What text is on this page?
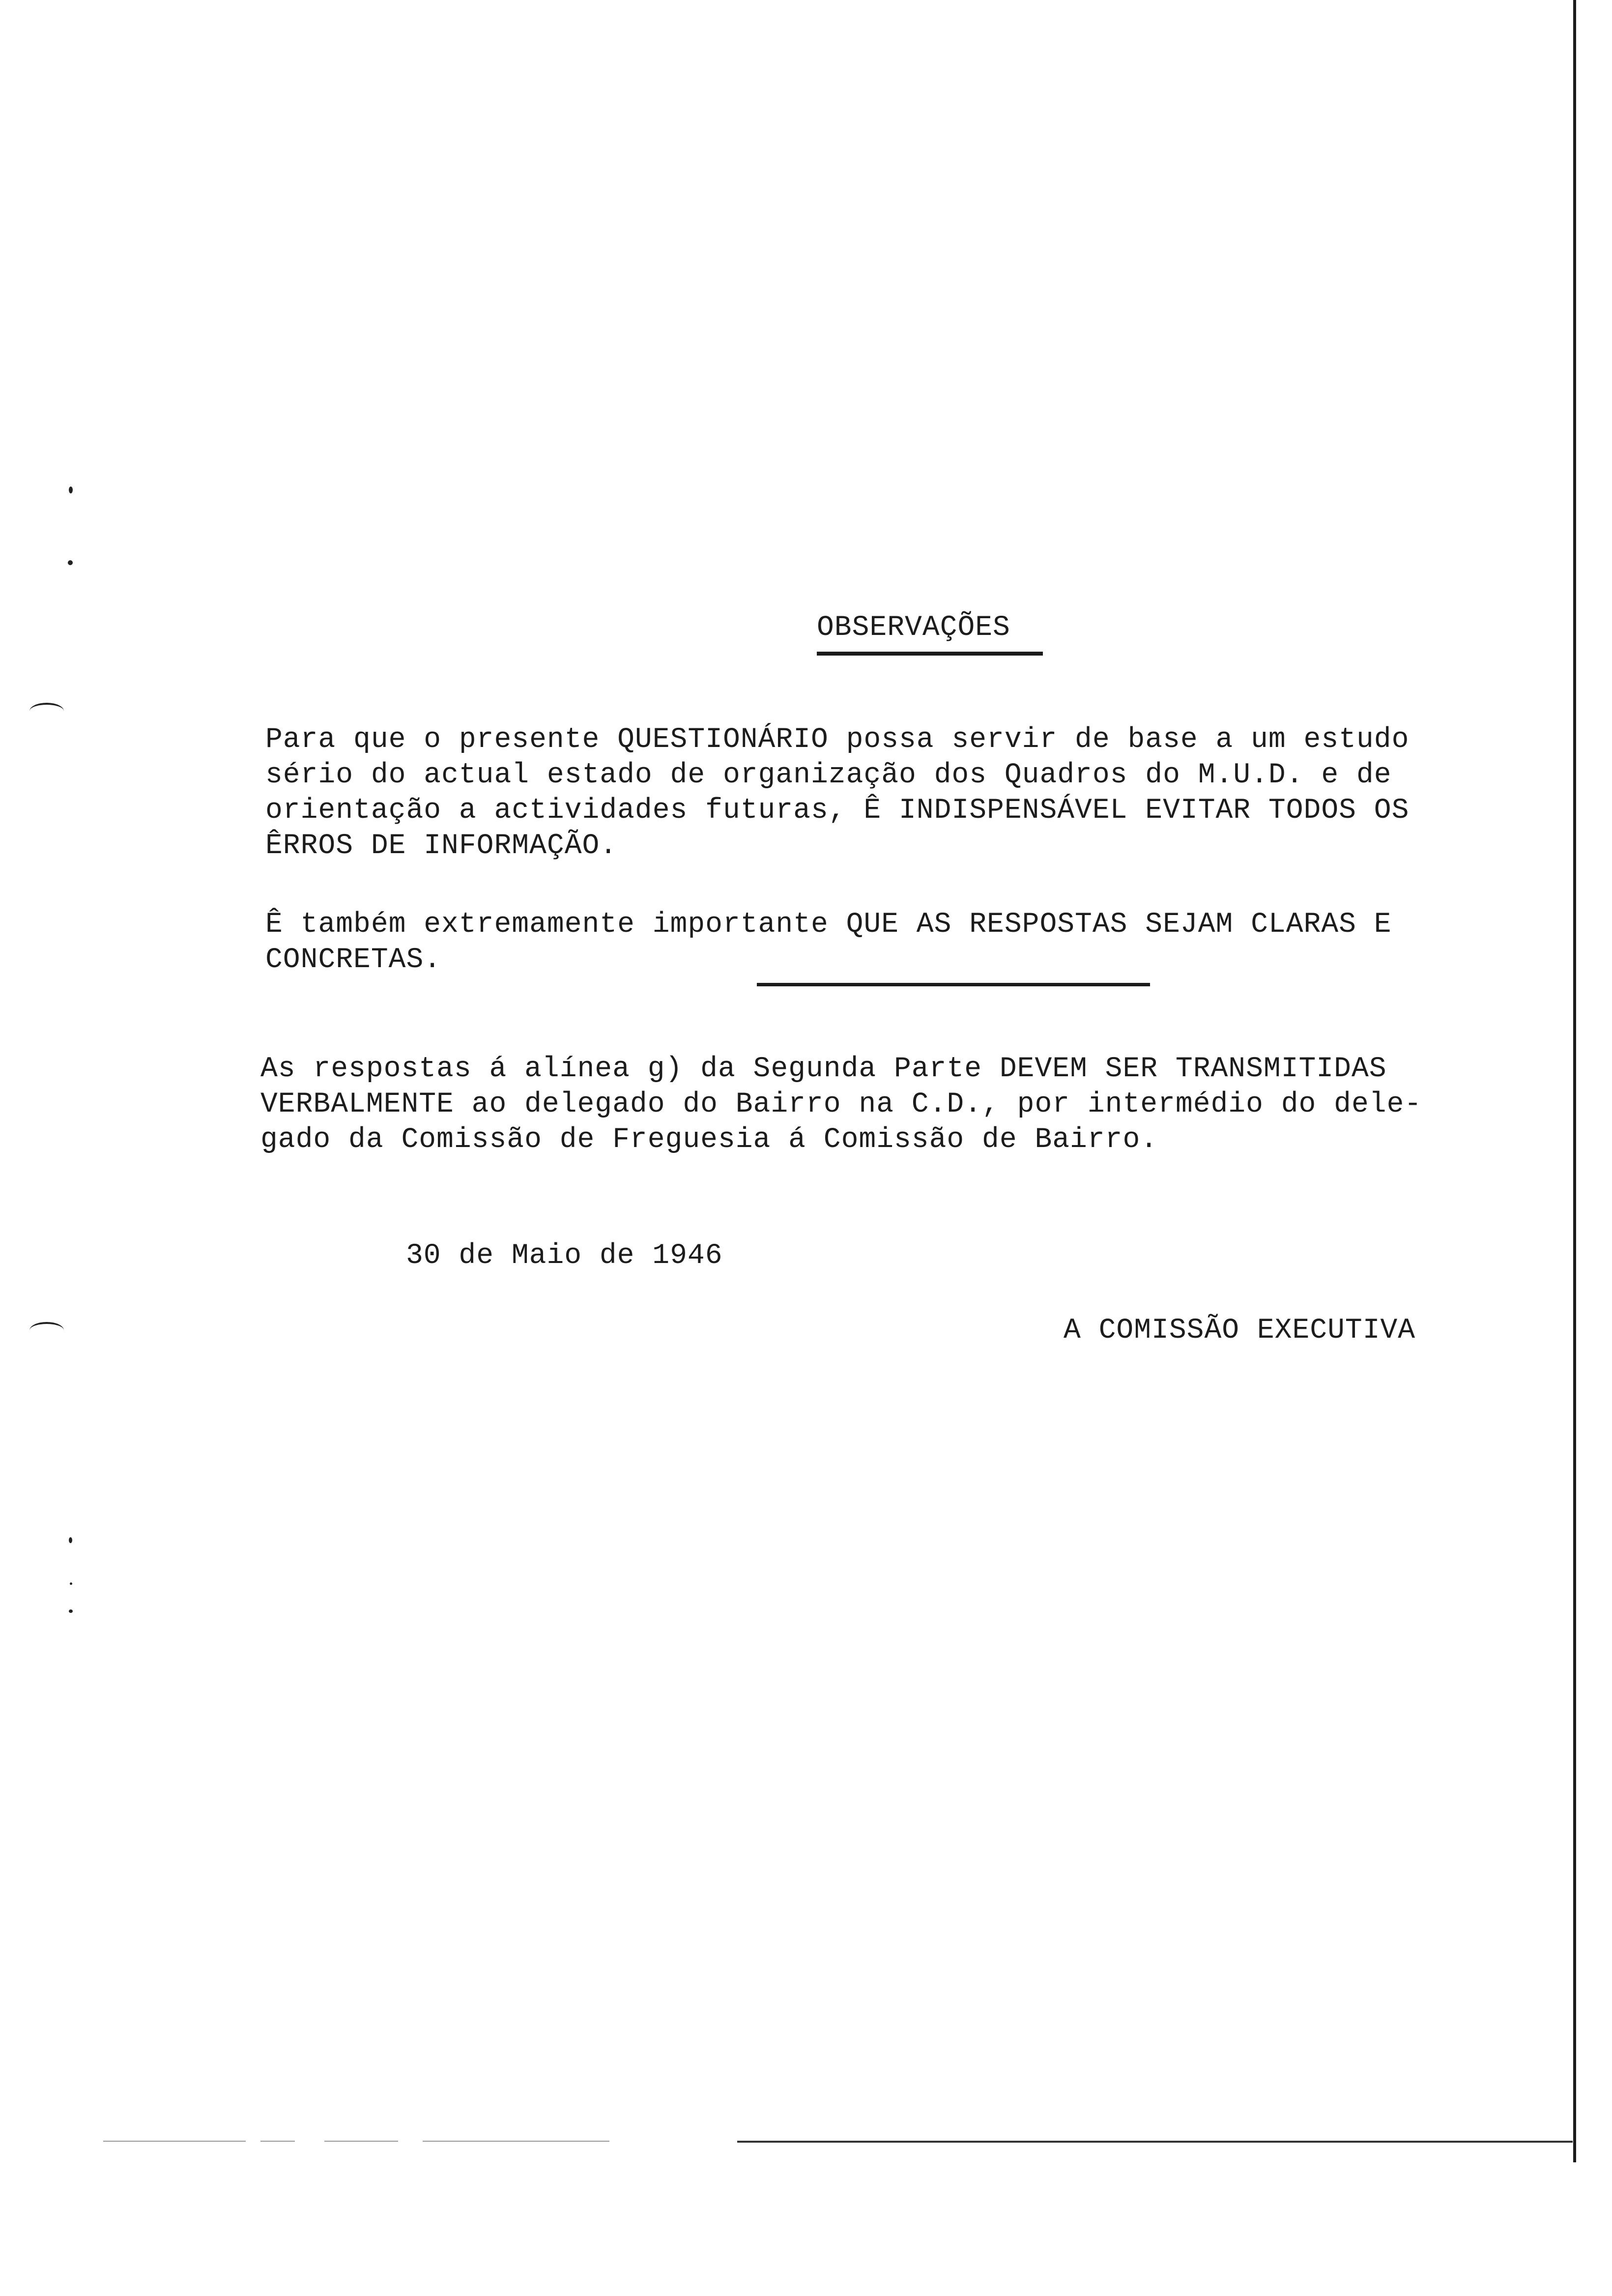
OBSERVAÇÕES
Para que o presente QUESTIONÁRIO possa servir de base a um estudo
sério do actual estado de organização dos Quadros do M.U.D. e de
orientação a actividades futuras, Ê INDISPENSÁVEL EVITAR TODOS OS
ÊRROS DE INFORMAÇÃO.
Ê também extremamente importante QUE AS RESPOSTAS SEJAM CLARAS E
CONCRETAS.
As respostas á alínea g) da Segunda Parte DEVEM SER TRANSMITIDAS
VERBALMENTE ao delegado do Bairro na C.D., por intermédio do dele-
gado da Comissão de Freguesia á Comissão de Bairro.
30 de Maio de 1946
A COMISSÃO EXECUTIVA
